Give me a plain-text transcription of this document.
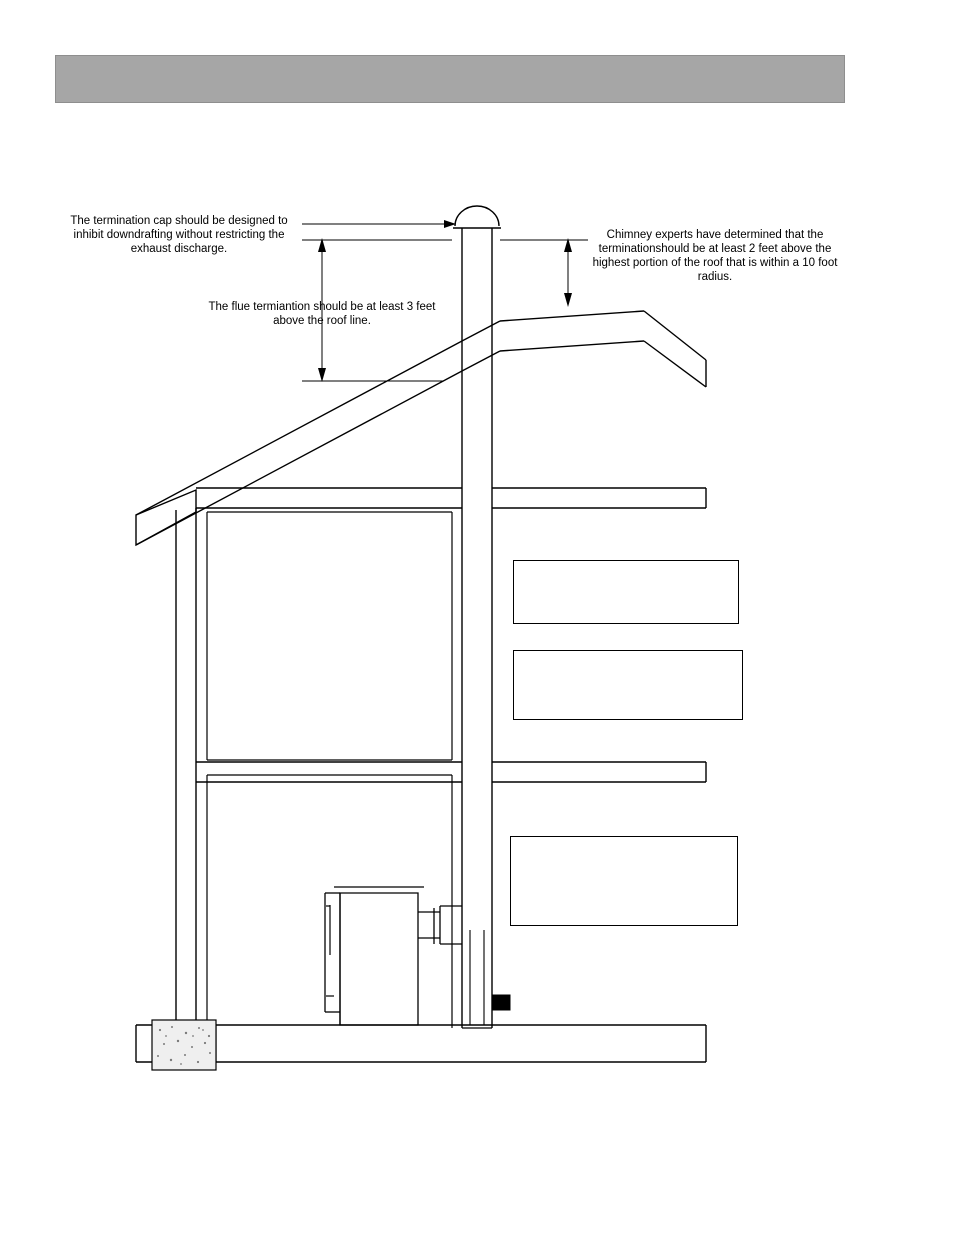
The termination cap should be designed to inhibit downdrafting without restricting the exhaust discharge.
The flue termiantion should be at least 3 feet above the roof line.
Chimney experts have determined that the terminationshould be at least 2 feet above the highest portion of the roof that is within a 10 foot radius.
